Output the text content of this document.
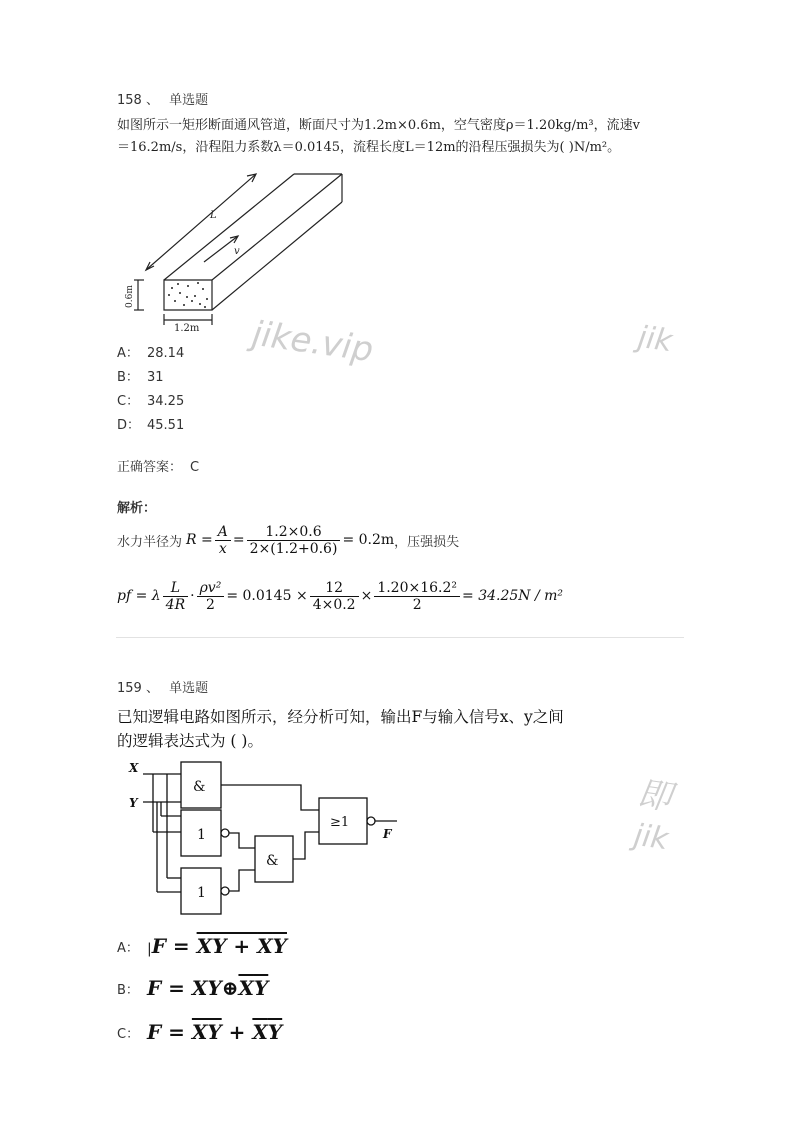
158 、 单选题
如图所示一矩形断面通风管道，断面尺寸为1.2m×0.6m，空气密度ρ＝1.20kg/m³，流速v
＝16.2m/s，沿程阻力系数λ＝0.0145，流程长度L＝12m的沿程压强损失为( )N/m²。
L
v
0.6m
1.2m jike.vip	jik
A： 28.14
B： 31
C： 34.25
D： 45.51
正确答案： C
解析：
水力半径为 $R = \frac{A}{x} = \frac{1.2\times 0.6}{2\times(1.2+0.6)} = 0.2m$ ，压强损失
pf = λ $\frac{L}{4R} \cdot \frac{\text{ρv²}}{2} = 0.0145 \times \frac{12}{4\times 0.2} \times \frac{\text{1.20×16.2²}}{2} = 34.25N / m^2$
159 、 单选题
已知逻辑电路如图所示，经分析可知，输出F与输入信号x、y之间
的逻辑表达式为 ( )。
X
Y
&
1
1
&
≥1
F
即
jik
A： |F = XY + XY
B： $F = XY\oplus\overline{X}\overline{Y}$
C： $F = \overline{XY} + \overline{X}\overline{Y}$
